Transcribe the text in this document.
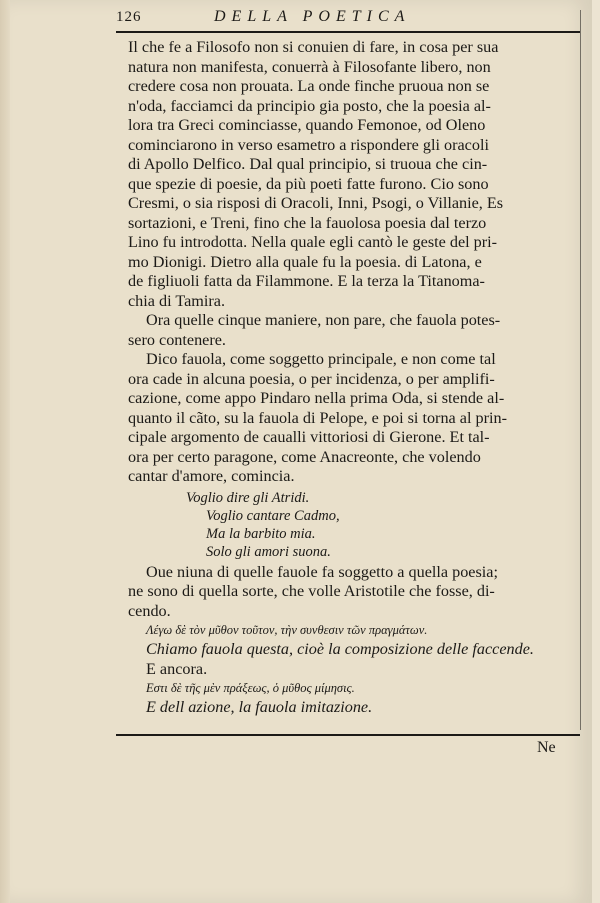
126	DELLA POETICA
Il che fe a Filosofo non si conuien di fare, in cosa per sua
natura non manifesta, conuerrà à Filosofante libero, non
credere cosa non prouata. La onde finche pruoua non se
n'oda, facciamci da principio gia posto, che la poesia al-
lora tra Greci cominciasse, quando Femonoe, od Oleno
cominciarono in verso esametro a rispondere gli oracoli
di Apollo Delfico. Dal qual principio, si truoua che cin-
que spezie di poesie, da più poeti fatte furono. Cio sono
Cresmi, o sia risposi di Oracoli, Inni, Psogi, o Villanie, Es
sortazioni, e Treni, fino che la fauolosa poesia dal terzo
Lino fu introdotta. Nella quale egli cantò le geste del pri-
mo Dionigi. Dietro alla quale fu la poesia. di Latona, e
de figliuoli fatta da Filammone. E la terza la Titanoma-
chia di Tamira.
Ora quelle cinque maniere, non pare, che fauola potes-
sero contenere.
Dico fauola, come soggetto principale, e non come tal
ora cade in alcuna poesia, o per incidenza, o per amplifi-
cazione, come appo Pindaro nella prima Oda, si stende al-
quanto il cãto, su la fauola di Pelope, e poi si torna al prin-
cipale argomento de caualli vittoriosi di Gierone. Et tal-
ora per certo paragone, come Anacreonte, che volendo
cantar d'amore, comincia.
Voglio dire gli Atridi.
Voglio cantare Cadmo,
Ma la barbito mia.
Solo gli amori suona.
Oue niuna di quelle fauole fa soggetto a quella poesia;
ne sono di quella sorte, che volle Aristotile che fosse, di-
cendo.
Λέγω δὲ τὸν μῦθον τοῦτον, τὴν συνθεσιν τῶν πραγμάτων.
Chiamo fauola questa, cioè la composizione delle faccende.
E ancora.
Εστι δὲ τῆς μὲν πράξεως, ὁ μῦθος μίμησις.
E dell azione, la fauola imitazione.
Ne
